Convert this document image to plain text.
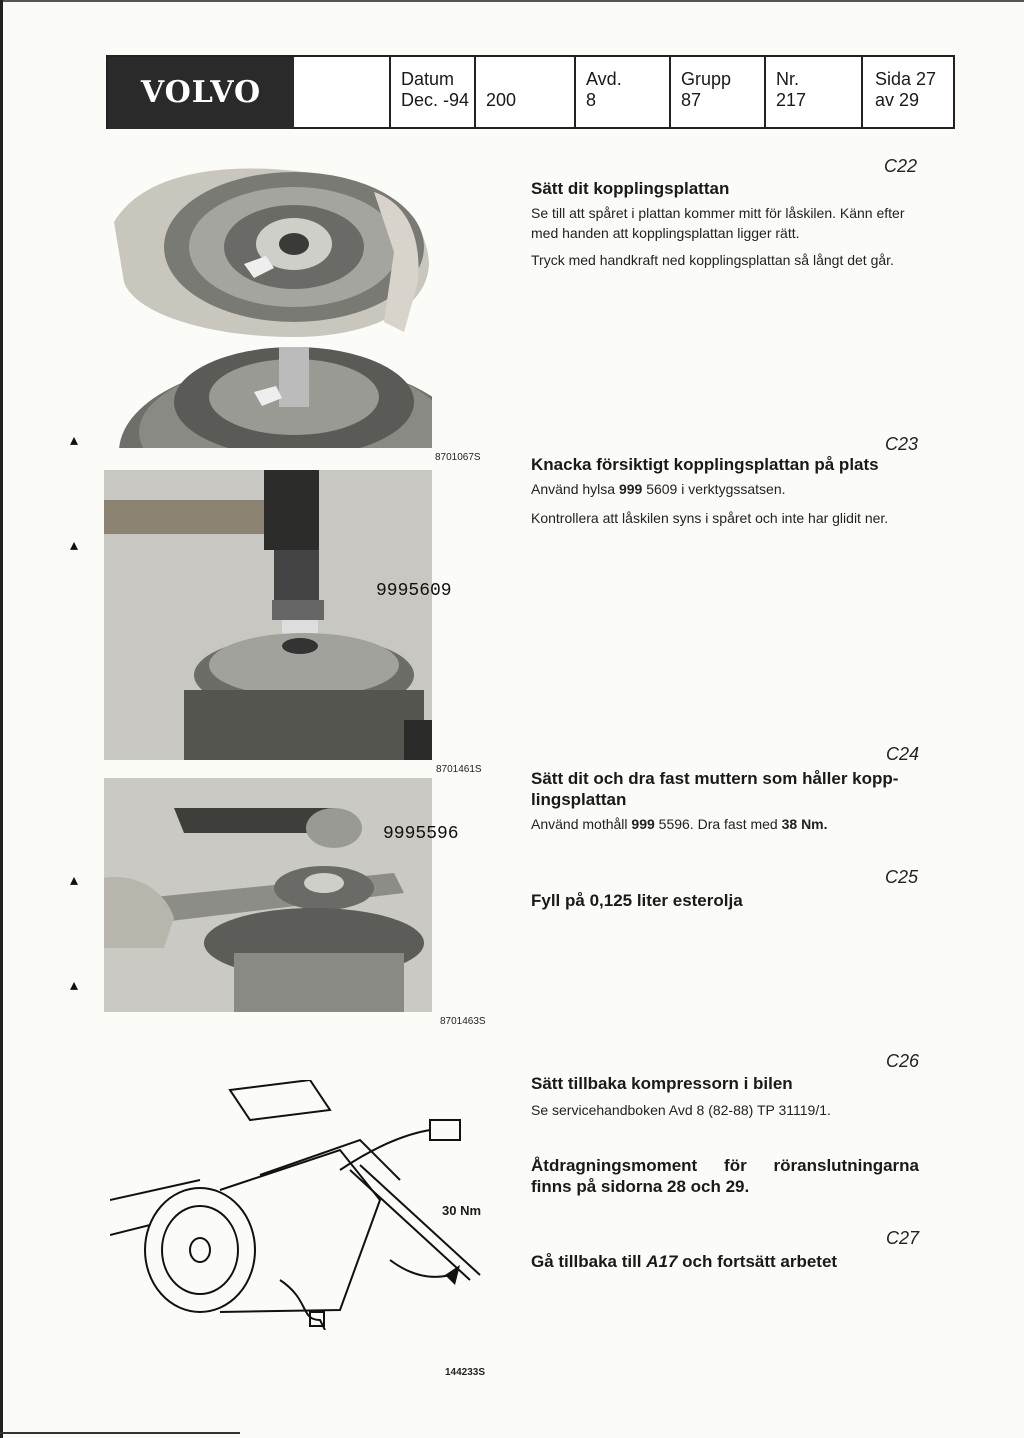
▴
▴
▴
▴
VOLVO	Datum
Dec. -94 200
Avd.
8
Grupp
87
Nr.
217
Sida 27
av 29
8701067S
9995609
8701461S
9995596
8701463S
30 Nm
144233S
C22
Sätt dit kopplingsplattan
Se till att spåret i plattan kommer mitt för låskilen. Känn efter med handen att kopplingsplattan ligger rätt.
Tryck med handkraft ned kopplingsplattan så långt det går.
C23
Knacka försiktigt kopplingsplattan på plats
Använd hylsa 999 5609 i verktygssatsen.
Kontrollera att låskilen syns i spåret och inte har glidit ner.
C24
Sätt dit och dra fast muttern som håller kopp-lingsplattan
Använd mothåll 999 5596. Dra fast med 38 Nm.
C25
Fyll på 0,125 liter esterolja
C26
Sätt tillbaka kompressorn i bilen
Se servicehandboken Avd 8 (82-88) TP 31119/1.
Åtdragningsmoment för röranslutningarna finns på sidorna 28 och 29.
C27
Gå tillbaka till A17 och fortsätt arbetet
